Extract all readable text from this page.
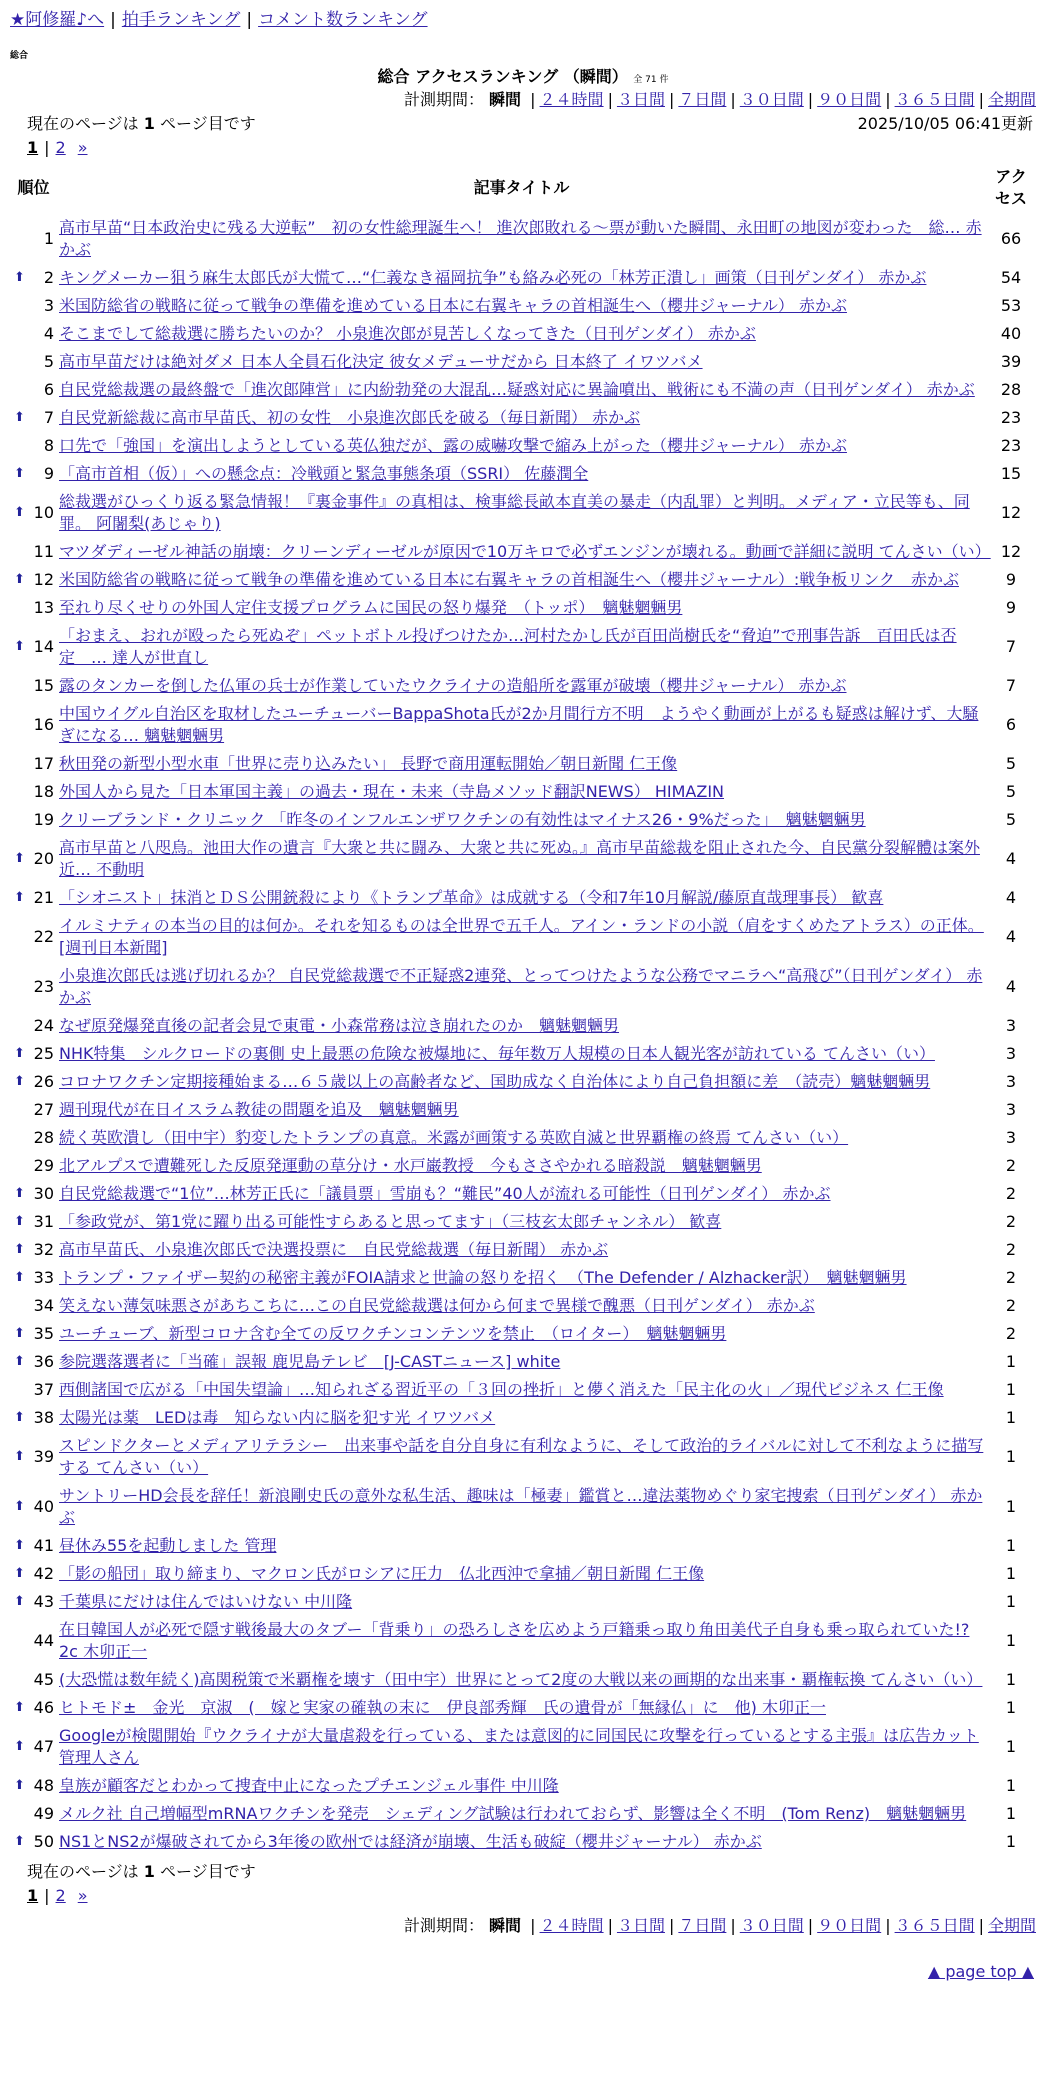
★阿修羅♪へ | 拍手ランキング | コメント数ランキング
総合
総合 アクセスランキング （瞬間） 全 71 件
計測期間： 瞬間 | ２４時間 | ３日間 | ７日間 | ３０日間 | ９０日間 | ３６５日間 | 全期間
現在のページは 1 ページ目です	2025/10/05 06:41更新
1 | 2 »
順位	記事タイトル	アクセス
1	高市早苗“日本政治史に残る大逆転”　初の女性総理誕生へ！ 進次郎敗れる～票が動いた瞬間、永田町の地図が変わった　総… 赤かぶ	66

⬆ 2	キングメーカー狙う麻生太郎氏が大慌て…“仁義なき福岡抗争”も絡み必死の「林芳正潰し」画策（日刊ゲンダイ） 赤かぶ	54
3	米国防総省の戦略に従って戦争の準備を進めている日本に右翼キャラの首相誕生へ（櫻井ジャーナル） 赤かぶ	53
4	そこまでして総裁選に勝ちたいのか？ 小泉進次郎が見苦しくなってきた（日刊ゲンダイ） 赤かぶ	40
5	高市早苗だけは絶対ダメ 日本人全員石化決定 彼女メデューサだから 日本終了 イワツバメ	39
6	自民党総裁選の最終盤で「進次郎陣営」に内紛勃発の大混乱…疑惑対応に異論噴出、戦術にも不満の声（日刊ゲンダイ） 赤かぶ	28

⬆ 7	自民党新総裁に高市早苗氏、初の女性　小泉進次郎氏を破る（毎日新聞） 赤かぶ	23
8	口先で「強国」を演出しようとしている英仏独だが、露の威嚇攻撃で縮み上がった（櫻井ジャーナル） 赤かぶ	23

⬆ 9	「高市首相（仮）」への懸念点：冷戦頭と緊急事態条項（SSRI） 佐藤潤全	15

⬆ 10	総裁選がひっくり返る緊急情報！『裏金事件』の真相は、検事総長畝本直美の暴走（内乱罪）と判明。メディア・立民等も、同罪。 阿闍梨(あじゃり)	12
11	マツダディーゼル神話の崩壊：クリーンディーゼルが原因で10万キロで必ずエンジンが壊れる。動画で詳細に説明 てんさい（い）	12

⬆ 12	米国防総省の戦略に従って戦争の準備を進めている日本に右翼キャラの首相誕生へ（櫻井ジャーナル）:戦争板リンク　赤かぶ	9
13	至れり尽くせりの外国人定住支援プログラムに国民の怒り爆発　（トッポ）　魑魅魍魎男	9

⬆ 14	「おまえ、おれが殴ったら死ぬぞ」ペットボトル投げつけたか…河村たかし氏が百田尚樹氏を“脅迫”で刑事告訴　百田氏は否定　… 達人が世直し	7
15	露のタンカーを倒した仏軍の兵士が作業していたウクライナの造船所を露軍が破壊（櫻井ジャーナル） 赤かぶ	7
16	中国ウイグル自治区を取材したユーチューバーBappaShota氏が2か月間行方不明　ようやく動画が上がるも疑惑は解けず、大騒ぎになる… 魑魅魍魎男	6
17	秋田発の新型小型水車「世界に売り込みたい」 長野で商用運転開始／朝日新聞 仁王像	5
18	外国人から見た「日本軍国主義」の過去・現在・未来（寺島メソッド翻訳NEWS） HIMAZIN	5
19	クリーブランド・クリニック 「昨冬のインフルエンザワクチンの有効性はマイナス26・9%だった」　魑魅魍魎男	5

⬆ 20	高市早苗と八咫烏。池田大作の遺言『大衆と共に闘み、大衆と共に死ぬ。』高市早苗総裁を阻止された今、自民黨分裂解體は案外近… 不動明	4

⬆ 21	「シオニスト」抹消とＤＳ公開銃殺により《トランプ革命》は成就する（令和7年10月解説/藤原直哉理事長） 歓喜	4
22	イルミナティの本当の目的は何か。それを知るものは全世界で五千人。アイン・ランドの小説（肩をすくめたアトラス）の正体。[週刊日本新聞]	4
23	小泉進次郎氏は逃げ切れるか？ 自民党総裁選で不正疑惑2連発、とってつけたような公務でマニラへ“高飛び”（日刊ゲンダイ） 赤かぶ	4
24	なぜ原発爆発直後の記者会見で東電・小森常務は泣き崩れたのか　魑魅魍魎男	3

⬆ 25	NHK特集　シルクロードの裏側 史上最悪の危険な被爆地に、毎年数万人規模の日本人観光客が訪れている てんさい（い）	3

⬆ 26	コロナワクチン定期接種始まる…６５歳以上の高齢者など、国助成なく自治体により自己負担額に差　（読売）魑魅魍魎男	3
27	週刊現代が在日イスラム教徒の問題を追及　魑魅魍魎男	3
28	続く英欧潰し（田中宇）豹変したトランプの真意。米露が画策する英欧自滅と世界覇権の終焉 てんさい（い）	3
29	北アルプスで遭難死した反原発運動の草分け・水戸巌教授　今もささやかれる暗殺説　魑魅魍魎男	2

⬆ 30	自民党総裁選で“1位”…林芳正氏に「議員票」雪崩も？“難民”40人が流れる可能性（日刊ゲンダイ） 赤かぶ	2

⬆ 31	「参政党が、第1党に躍り出る可能性すらあると思ってます」（三枝玄太郎チャンネル） 歓喜	2

⬆ 32	高市早苗氏、小泉進次郎氏で決選投票に　自民党総裁選（毎日新聞） 赤かぶ	2

⬆ 33	トランプ・ファイザー契約の秘密主義がFOIA請求と世論の怒りを招く　（The Defender / Alzhacker訳）　魑魅魍魎男	2
34	笑えない薄気味悪さがあちこちに…この自民党総裁選は何から何まで異様で醜悪（日刊ゲンダイ） 赤かぶ	2

⬆ 35	ユーチューブ、新型コロナ含む全ての反ワクチンコンテンツを禁止　（ロイター）　魑魅魍魎男	2

⬆ 36	参院選落選者に「当確」誤報 鹿児島テレビ　[J-CASTニュース] white	1
37	西側諸国で広がる「中国失望論」…知られざる習近平の「３回の挫折」と儚く消えた「民主化の火」／現代ビジネス 仁王像	1

⬆ 38	太陽光は薬　LEDは毒　知らない内に脳を犯す光 イワツバメ	1

⬆ 39	スピンドクターとメディアリテラシー　出来事や話を自分自身に有利なように、そして政治的ライバルに対して不利なように描写する てんさい（い）	1

⬆ 40	サントリーHD会長を辞任！新浪剛史氏の意外な私生活、趣味は「極妻」鑑賞と…違法薬物めぐり家宅捜索（日刊ゲンダイ） 赤かぶ	1

⬆ 41	昼休み55を起動しました 管理	1

⬆ 42	「影の船団」取り締まり、マクロン氏がロシアに圧力　仏北西沖で拿捕／朝日新聞 仁王像	1

⬆ 43	千葉県にだけは住んではいけない 中川隆	1
44	在日韓国人が必死で隠す戦後最大のタブー「背乗り」の恐ろしさを広めよう戸籍乗っ取り角田美代子自身も乗っ取られていた!?2c 木卯正一	1
45	(大恐慌は数年続く)高関税策で米覇権を壊す（田中宇）世界にとって2度の大戦以来の画期的な出来事・覇権転換 てんさい（い）	1

⬆ 46	ヒトモド±　金光　京淑　(　嫁と実家の確執の末に　伊良部秀輝　氏の遺骨が「無縁仏」に　他) 木卯正一	1

⬆ 47	Googleが検閲開始『ウクライナが大量虐殺を行っている、または意図的に同国民に攻撃を行っているとする主張』は広告カット 管理人さん	1

⬆ 48	皇族が顧客だとわかって捜査中止になったプチエンジェル事件 中川隆	1
49	メルク社 自己増幅型mRNAワクチンを発売　シェディング試験は行われておらず、影響は全く不明　(Tom Renz)　魑魅魍魎男	1

⬆ 50	NS1とNS2が爆破されてから3年後の欧州では経済が崩壊、生活も破綻（櫻井ジャーナル） 赤かぶ	1
現在のページは 1 ページ目です
1 | 2 »
計測期間： 瞬間 | ２４時間 | ３日間 | ７日間 | ３０日間 | ９０日間 | ３６５日間 | 全期間
▲ page top ▲
